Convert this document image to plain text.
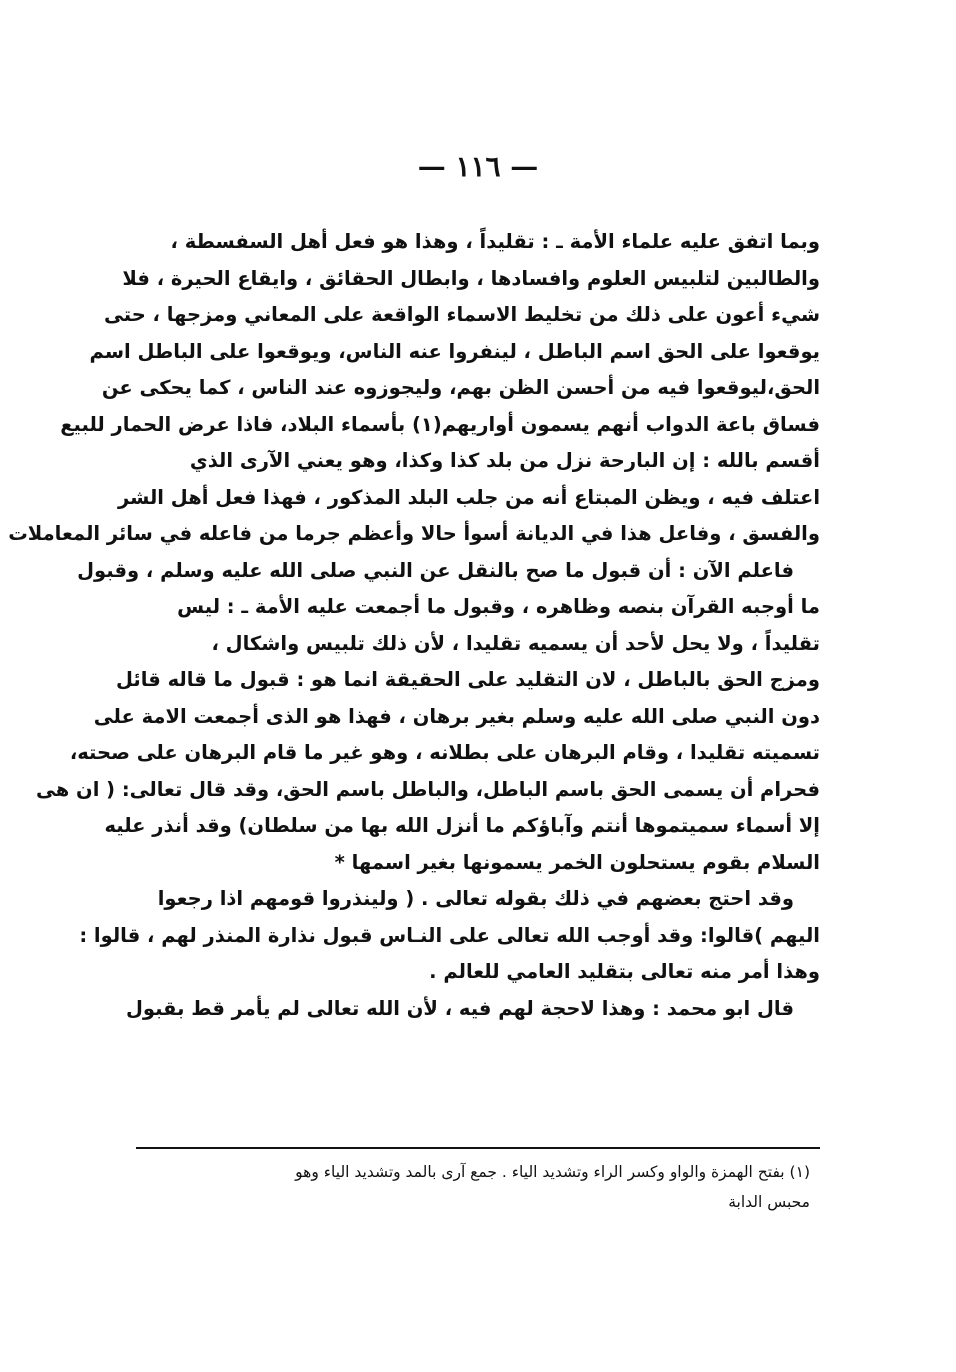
— ١١٦ —
وبما اتفق عليه علماء الأمة ـ : تقليداً ، وهذا هو فعل أهل السفسطة ،
والطالبين لتلبيس العلوم وافسادها ، وابطال الحقائق ، وايقاع الحيرة ، فلا
شيء أعون على ذلك من تخليط الاسماء الواقعة على المعاني ومزجها ، حتى
يوقعوا على الحق اسم الباطل ، لينفروا عنه الناس، ويوقعوا على الباطل اسم
الحق،ليوقعوا فيه من أحسن الظن بهم، وليجوزوه عند الناس ، كما يحكى عن
فساق باعة الدواب أنهم يسمون أواريهم(١) بأسماء البلاد، فاذا عرض الحمار للبيع
أقسم بالله : إن البارحة نزل من بلد كذا وكذا، وهو يعني الآرى الذي
اعتلف فيه ، ويظن المبتاع أنه من جلب البلد المذكور ، فهذا فعل أهل الشر
والفسق ، وفاعل هذا في الديانة أسوأ حالا وأعظم جرما من فاعله في سائر المعاملات
فاعلم الآن : أن قبول ما صح بالنقل عن النبي صلى الله عليه وسلم ، وقبول
ما أوجبه القرآن بنصه وظاهره ، وقبول ما أجمعت عليه الأمة ـ : ليس
تقليداً ، ولا يحل لأحد أن يسميه تقليدا ، لأن ذلك تلبيس واشكال ،
ومزج الحق بالباطل ، لان التقليد على الحقيقة انما هو : قبول ما قاله قائل
دون النبي صلى الله عليه وسلم بغير برهان ، فهذا هو الذى أجمعت الامة على
تسميته تقليدا ، وقام البرهان على بطلانه ، وهو غير ما قام البرهان على صحته،
فحرام أن يسمى الحق باسم الباطل، والباطل باسم الحق، وقد قال تعالى: ( ان هى
إلا أسماء سميتموها أنتم وآباؤكم ما أنزل الله بها من سلطان) وقد أنذر عليه
السلام بقوم يستحلون الخمر يسمونها بغير اسمها *
وقد احتج بعضهم في ذلك بقوله تعالى . ( ولينذروا قومهم اذا رجعوا
اليهم )قالوا: وقد أوجب الله تعالى على النـاس قبول نذارة المنذر لهم ، قالوا :
وهذا أمر منه تعالى بتقليد العامي للعالم .
قال ابو محمد : وهذا لاحجة لهم فيه ، لأن الله تعالى لم يأمر قط بقبول
(١) بفتح الهمزة والواو وكسر الراء وتشديد الياء . جمع آرى بالمد وتشديد الياء وهو
محبس الدابة
